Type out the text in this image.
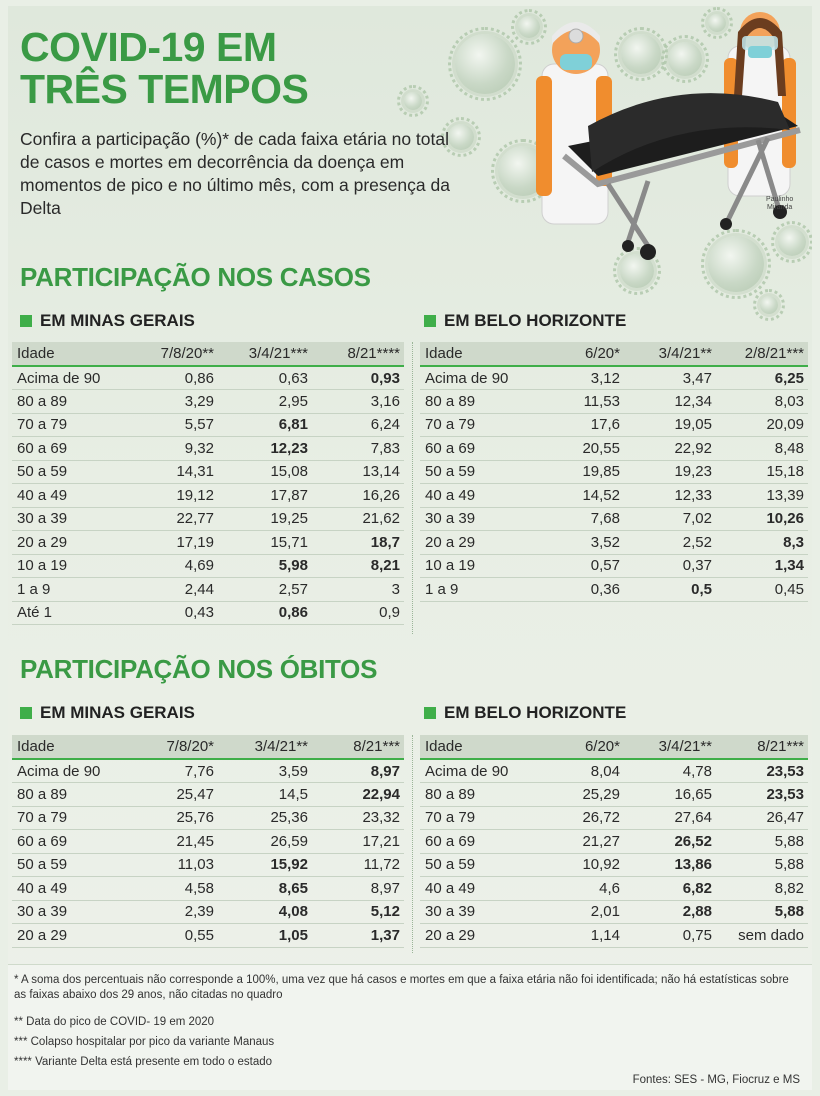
Paulinho
Miranda
COVID-19 EM
TRÊS TEMPOS
Confira a participação (%)* de cada faixa etária no total de casos e mortes em decorrência da doença em momentos de pico e no último mês, com a presença da Delta
PARTICIPAÇÃO NOS CASOS
EM MINAS GERAIS
Idade	7/8/20**	3/4/21***	8/21****
Acima de 90	0,86	0,63	0,93
80 a 89	3,29	2,95	3,16
70 a 79	5,57	6,81	6,24
60 a 69	9,32	12,23	7,83
50 a 59	14,31	15,08	13,14
40 a 49	19,12	17,87	16,26
30 a 39	22,77	19,25	21,62
20 a 29	17,19	15,71	18,7
10 a 19	4,69	5,98	8,21
1 a 9	2,44	2,57	3
Até 1	0,43	0,86	0,9
EM BELO HORIZONTE
Idade	6/20*	3/4/21**	2/8/21***
Acima de 90	3,12	3,47	6,25
80 a 89	11,53	12,34	8,03
70 a 79	17,6	19,05	20,09
60 a 69	20,55	22,92	8,48
50 a 59	19,85	19,23	15,18
40 a 49	14,52	12,33	13,39
30 a 39	7,68	7,02	10,26
20 a 29	3,52	2,52	8,3
10 a 19	0,57	0,37	1,34
1 a 9	0,36	0,5	0,45
PARTICIPAÇÃO NOS ÓBITOS
EM MINAS GERAIS
Idade	7/8/20*	3/4/21**	8/21***
Acima de 90	7,76	3,59	8,97
80 a 89	25,47	14,5	22,94
70 a 79	25,76	25,36	23,32
60 a 69	21,45	26,59	17,21
50 a 59	11,03	15,92	11,72
40 a 49	4,58	8,65	8,97
30 a 39	2,39	4,08	5,12
20 a 29	0,55	1,05	1,37
EM BELO HORIZONTE
Idade	6/20*	3/4/21**	8/21***
Acima de 90	8,04	4,78	23,53
80 a 89	25,29	16,65	23,53
70 a 79	26,72	27,64	26,47
60 a 69	21,27	26,52	5,88
50 a 59	10,92	13,86	5,88
40 a 49	4,6	6,82	8,82
30 a 39	2,01	2,88	5,88
20 a 29	1,14	0,75	sem dado

* A soma dos percentuais não corresponde a 100%, uma vez que há casos e mortes em que a faixa etária não foi identificada; não há estatísticas sobre as faixas abaixo dos 29 anos, não citadas no quadro

** Data do pico de COVID- 19 em 2020

*** Colapso hospitalar por pico da variante Manaus

**** Variante Delta está presente em todo o estado

Fontes: SES - MG, Fiocruz e MS
